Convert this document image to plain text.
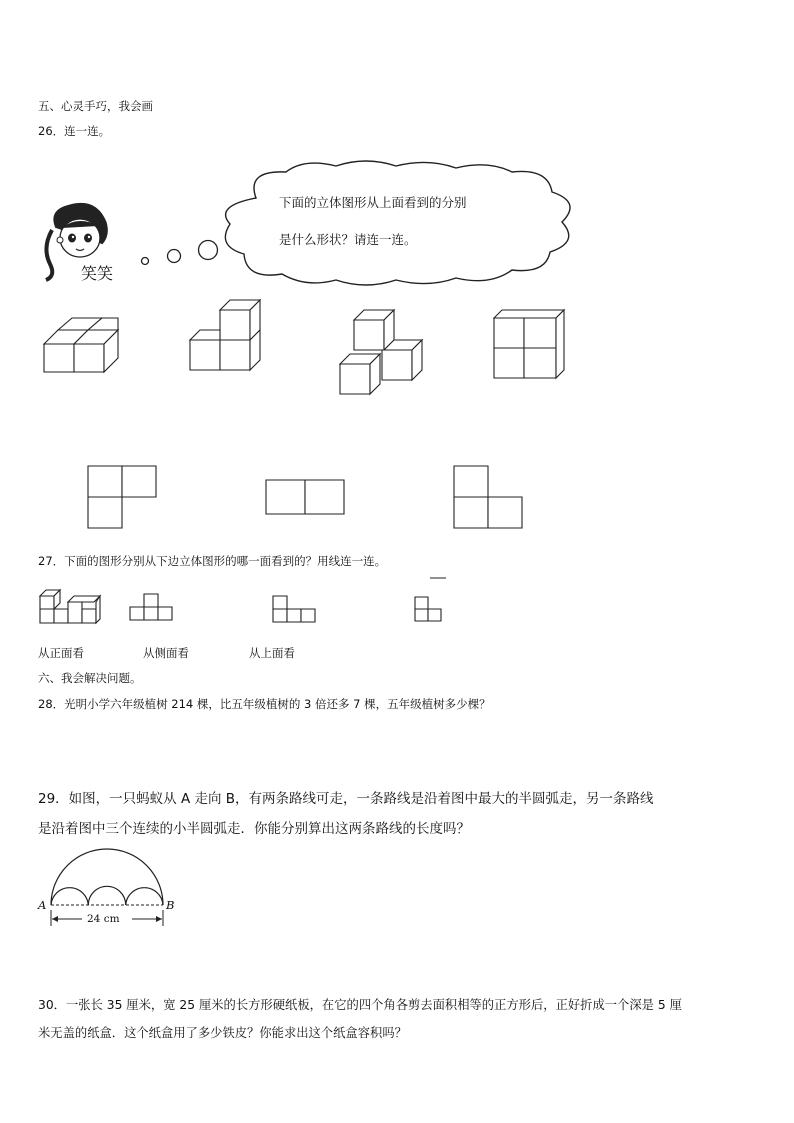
五、心灵手巧，我会画
26．连一连。
笑笑
下面的立体图形从上面看到的分别
是什么形状？请连一连。
27．下面的图形分别从下边立体图形的哪一面看到的？用线连一连。
从正面看	从侧面看	从上面看
六、我会解决问题。
28．光明小学六年级植树 214 棵，比五年级植树的 3 倍还多 7 棵，五年级植树多少棵？
29．如图，一只蚂蚁从 A 走向 B，有两条路线可走，一条路线是沿着图中最大的半圆弧走，另一条路线
是沿着图中三个连续的小半圆弧走．你能分别算出这两条路线的长度吗？
A	B
24 cm
30．一张长 35 厘米，宽 25 厘米的长方形硬纸板，在它的四个角各剪去面积相等的正方形后，正好折成一个深是 5 厘
米无盖的纸盒．这个纸盒用了多少铁皮？你能求出这个纸盒容积吗？
